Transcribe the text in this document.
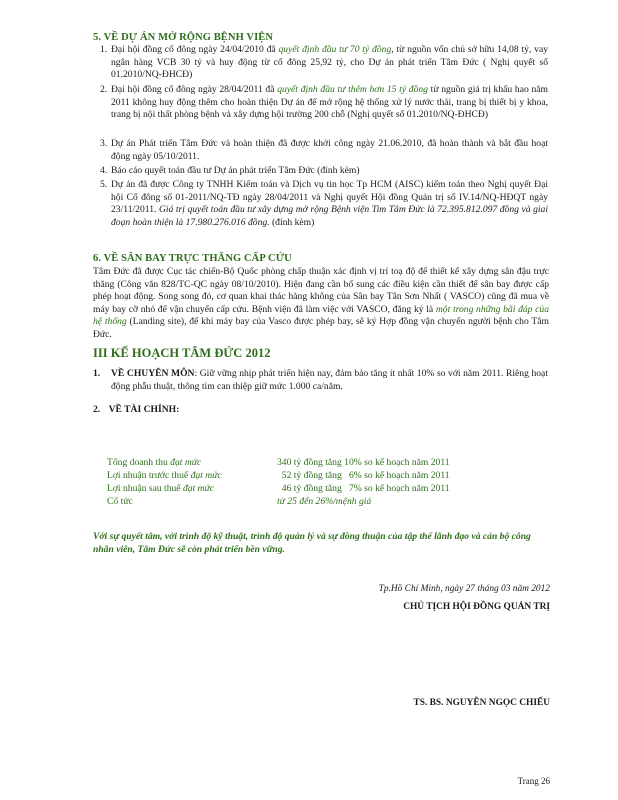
5. VỀ DỰ ÁN MỞ RỘNG BỆNH VIỆN
1. Đại hội đồng cổ đông ngày 24/04/2010 đã quyết định đầu tư 70 tỷ đồng, từ nguồn vốn chủ sở hữu 14,08 tỷ, vay ngân hàng VCB 30 tỷ và huy động từ cổ đông 25,92 tỷ, cho Dự án phát triển Tâm Đức ( Nghị quyết số 01.2010/NQ-ĐHCĐ)
2. Đại hội đồng cổ đông ngày 28/04/2011 đã quyết định đầu tư thêm hơn 15 tỷ đồng từ nguồn giá trị khấu hao năm 2011 không huy động thêm cho hoàn thiện Dự án để mở rộng hệ thống xử lý nước thải, trang bị thiết bị y khoa, trang bị nội thất phòng bệnh và xây dựng hội trường 200 chỗ (Nghị quyết số 01.2010/NQ-ĐHCĐ)
3. Dự án Phát triển Tâm Đức và hoàn thiện đã được khởi công ngày 21.06.2010, đã hoàn thành và bắt đầu hoạt động ngày 05/10/2011.
4. Báo cáo quyết toán đầu tư Dự án phát triển Tâm Đức (đính kèm)
5. Dự án đã được Công ty TNHH Kiểm toán và Dịch vụ tin học Tp HCM (AISC) kiểm toán theo Nghị quyết Đại hội Cổ đông số 01-2011/NQ-TĐ ngày 28/04/2011 và Nghị quyết Hội đồng Quản trị số IV.14/NQ-HĐQT ngày 23/11/2011. Giá trị quyết toán đầu tư xây dựng mở rộng Bệnh viện Tim Tâm Đức là 72.395.812.097 đồng và giai đoạn hoàn thiện là 17.980.276.016 đồng. (đính kèm)
6. VỀ SÂN BAY TRỰC THĂNG CẤP CỨU
Tâm Đức đã được Cục tác chiến-Bộ Quốc phòng chấp thuận xác định vị trí toạ độ để thiết kế xây dựng sân đậu trực thăng (Công văn 828/TC-QC ngày 08/10/2010). Hiện đang cần bổ sung các điều kiện cần thiết để sân bay được cấp phép hoạt động. Song song đó, cơ quan khai thác hàng không của Sân bay Tân Sơn Nhất ( VASCO) cũng đã mua về máy bay cỡ nhỏ để vận chuyển cấp cứu. Bệnh viện đã làm việc với VASCO, đăng ký là một trong những bãi đáp của hệ thống (Landing site), để khi máy bay của Vasco được phép bay, sẽ ký Hợp đồng vận chuyển người bệnh cho Tâm Đức.
III KẾ HOẠCH TÂM ĐỨC 2012
1. VỀ CHUYÊN MÔN: Giữ vững nhịp phát triển hiện nay, đảm bảo tăng ít nhất 10% so với năm 2011. Riêng hoạt động phẫu thuật, thông tim can thiệp giữ mức 1.000 ca/năm.
2. VỀ TÀI CHÍNH:
Tổng doanh thu đạt mức	340 tỷ đồng tăng 10% so kế hoạch năm 2011
Lợi nhuận trước thuế đạt mức	52 tỷ đồng tăng   6% so kế hoạch năm 2011
Lợi nhuận sau thuế đạt mức	46 tỷ đồng tăng   7% so kế hoạch năm 2011
Cổ tức	từ 25 đến 26%/mệnh giá
Với sự quyết tâm, với trình độ kỹ thuật, trình độ quản lý và sự đồng thuận của tập thể lãnh đạo và cán bộ công nhân viên, Tâm Đức sẽ còn phát triển bền vững.
Tp.Hồ Chí Minh, ngày 27 tháng 03 năm 2012
CHỦ TỊCH HỘI ĐỒNG QUẢN TRỊ
TS. BS. NGUYỄN NGỌC CHIẾU
Trang 26
